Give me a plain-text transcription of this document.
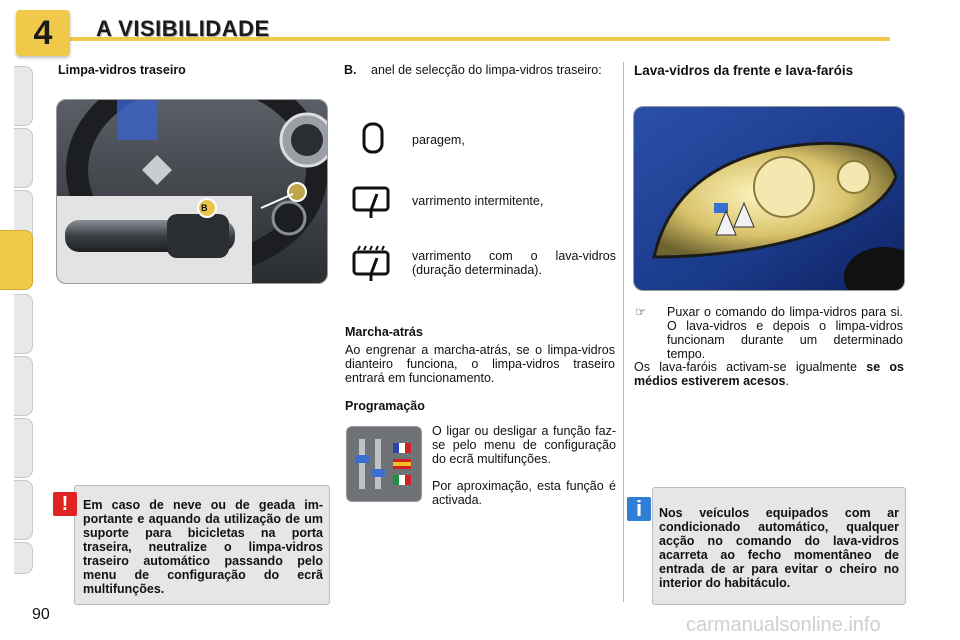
4	A VISIBILIDADE
Limpa-vidros traseiro
B
Em caso de neve ou de geada importante e aquando da utilização de um suporte para bicicletas na porta traseira, neutralize o limpa-vidros traseiro automático passando pelo menu de configuração do ecrã multifunções.
!
B. anel de selecção do limpa-vidros traseiro:
paragem,
varrimento intermitente,
varrimento com o lava-vidros (duração determinada).
Marcha-atrás
Ao engrenar a marcha-atrás, se o limpa-vidros dianteiro funciona, o limpa-vidros traseiro entrará em funcionamento.
Programação
O ligar ou desligar a função faz-se pelo menu de configuração do ecrã multifunções.
Por aproximação, esta função é activada.
Lava-vidros da frente e lava-faróis
☞ Puxar o comando do limpa-vidros para si. O lava-vidros e depois o limpa-vidros funcionam durante um determinado tempo.
Os lava-faróis activam-se igualmente se os médios estiverem acesos.
Nos veículos equipados com ar condicionado automático, qualquer acção no comando do lava-vidros acarreta ao fecho momentâneo de entrada de ar para evitar o cheiro no interior do habitáculo.
i
90	carmanualsonline.info
